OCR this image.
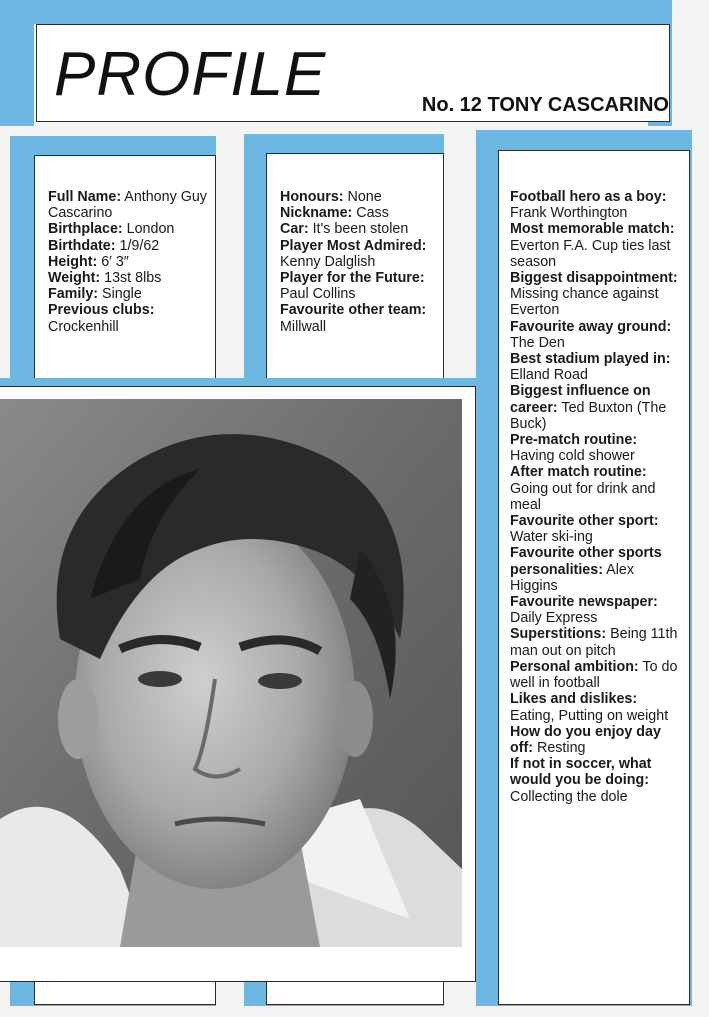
PROFILE	No. 12 TONY CASCARINO

Full Name: Anthony Guy Cascarino

Birthplace: London

Birthdate: 1/9/62

Height: 6′ 3″

Weight: 13st 8lbs

Family: Single

Previous clubs: Crockenhill

Honours: None

Nickname: Cass

Car: It's been stolen

Player Most Admired: Kenny Dalglish

Player for the Future: Paul Collins

Favourite other team: Millwall

Football hero as a boy: Frank Worthington

Most memorable match: Everton F.A. Cup ties last season

Biggest disappointment: Missing chance against Everton

Favourite away ground: The Den

Best stadium played in: Elland Road

Biggest influence on career: Ted Buxton (The Buck)

Pre-match routine: Having cold shower

After match routine: Going out for drink and meal

Favourite other sport: Water ski-ing

Favourite other sports personalities: Alex Higgins

Favourite newspaper: Daily Express

Superstitions: Being 11th man out on pitch

Personal ambition: To do well in football

Likes and dislikes: Eating, Putting on weight

How do you enjoy day off: Resting

If not in soccer, what would you be doing: Collecting the dole
